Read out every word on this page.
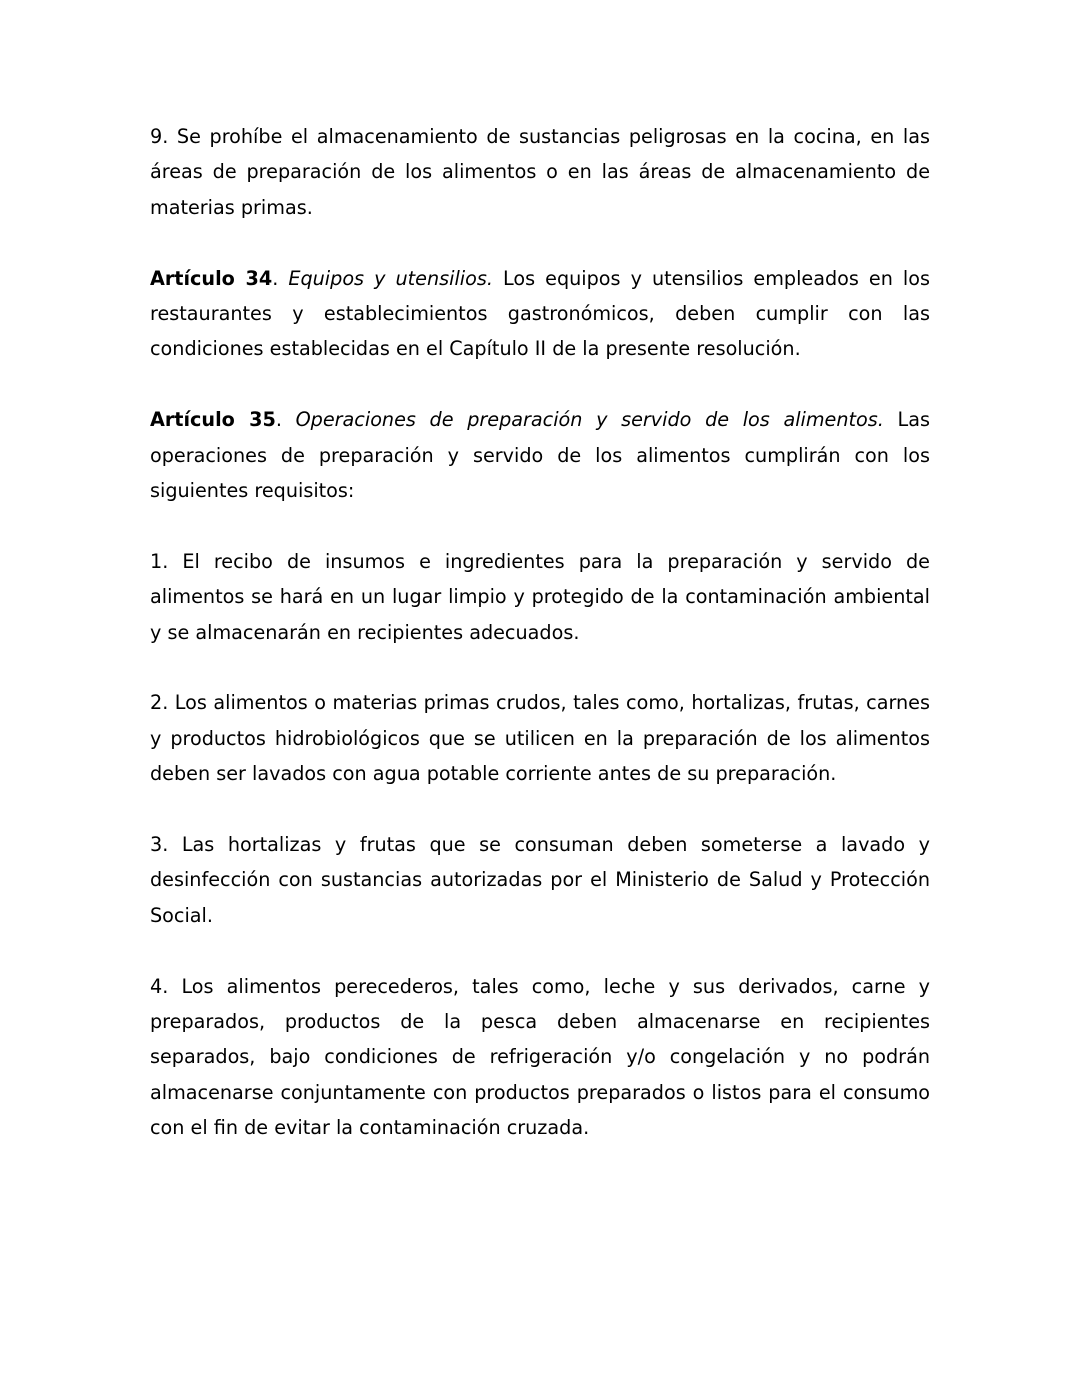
9. Se prohíbe el almacenamiento de sustancias peligrosas en la cocina, en las áreas de preparación de los alimentos o en las áreas de almacenamiento de materias primas.

Artículo 34. Equipos y utensilios. Los equipos y utensilios empleados en los restaurantes y establecimientos gastronómicos, deben cumplir con las condiciones establecidas en el Capítulo II de la presente resolución.

Artículo 35. Operaciones de preparación y servido de los alimentos. Las operaciones de preparación y servido de los alimentos cumplirán con los siguientes requisitos:

1. El recibo de insumos e ingredientes para la preparación y servido de alimentos se hará en un lugar limpio y protegido de la contaminación ambiental y se almacenarán en recipientes adecuados.

2. Los alimentos o materias primas crudos, tales como, hortalizas, frutas, carnes y productos hidrobiológicos que se utilicen en la preparación de los alimentos deben ser lavados con agua potable corriente antes de su preparación.

3. Las hortalizas y frutas que se consuman deben someterse a lavado y desinfección con sustancias autorizadas por el Ministerio de Salud y Protección Social.

4. Los alimentos perecederos, tales como, leche y sus derivados, carne y preparados, productos de la pesca deben almacenarse en recipientes separados, bajo condiciones de refrigeración y/o congelación y no podrán almacenarse conjuntamente con productos preparados o listos para el consumo con el fin de evitar la contaminación cruzada.
